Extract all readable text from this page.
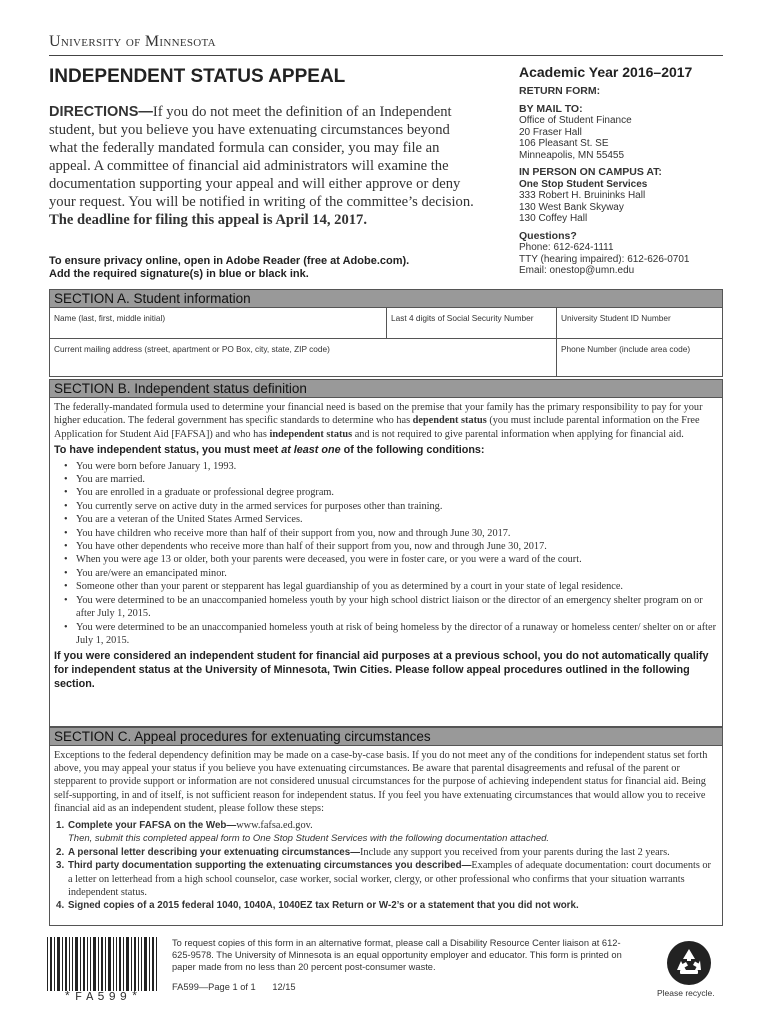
University of Minnesota
INDEPENDENT STATUS APPEAL	Academic Year 2016–2017
DIRECTIONS—If you do not meet the definition of an Independent student, but you believe you have extenuating circumstances beyond what the federally mandated formula can consider, you may file an appeal. A committee of financial aid administrators will examine the documentation supporting your appeal and will either approve or deny your request. You will be notified in writing of the committee’s decision. The deadline for filing this appeal is April 14, 2017.
To ensure privacy online, open in Adobe Reader (free at Adobe.com).
Add the required signature(s) in blue or black ink.
RETURN FORM:
BY MAIL TO:
Office of Student Finance
20 Fraser Hall
106 Pleasant St. SE
Minneapolis, MN 55455
IN PERSON ON CAMPUS AT:
One Stop Student Services
333 Robert H. Bruininks Hall
130 West Bank Skyway
130 Coffey Hall
Questions?
Phone: 612-624-1111
TTY (hearing impaired): 612-626-0701
Email: onestop@umn.edu
SECTION A. Student information
Name (last, first, middle initial)	Last 4 digits of Social Security Number	University Student ID Number
Current mailing address (street, apartment or PO Box, city, state, ZIP code)	Phone Number (include area code)
SECTION B. Independent status definition
The federally-mandated formula used to determine your financial need is based on the premise that your family has the primary responsibility to pay for your higher education. The federal government has specific standards to determine who has dependent status (you must include parental information on the Free Application for Student Aid [FAFSA]) and who has independent status and is not required to give parental information when applying for financial aid.
To have independent status, you must meet at least one of the following conditions:
• You were born before January 1, 1993.
• You are married.
• You are enrolled in a graduate or professional degree program.
• You currently serve on active duty in the armed services for purposes other than training.
• You are a veteran of the United States Armed Services.
• You have children who receive more than half of their support from you, now and through June 30, 2017.
• You have other dependents who receive more than half of their support from you, now and through June 30, 2017.
• When you were age 13 or older, both your parents were deceased, you were in foster care, or you were a ward of the court.
• You are/were an emancipated minor.
• Someone other than your parent or stepparent has legal guardianship of you as determined by a court in your state of legal residence.
• You were determined to be an unaccompanied homeless youth by your high school district liaison or the director of an emergency shelter program on or after July 1, 2015.
• You were determined to be an unaccompanied homeless youth at risk of being homeless by the director of a runaway or homeless center/ shelter on or after July 1, 2015.
If you were considered an independent student for financial aid purposes at a previous school, you do not automatically qualify for independent status at the University of Minnesota, Twin Cities. Please follow appeal procedures outlined in the following section.
SECTION C. Appeal procedures for extenuating circumstances
Exceptions to the federal dependency definition may be made on a case-by-case basis. If you do not meet any of the conditions for independent status set forth above, you may appeal your status if you believe you have extenuating circumstances. Be aware that parental disagreements and refusal of the parent or stepparent to provide support or information are not considered unusual circumstances for the purpose of achieving independent status for financial aid. Being self-supporting, in and of itself, is not sufficient reason for independent status. If you feel you have extenuating circumstances that would allow you to receive financial aid as an independent student, please follow these steps:
1. Complete your FAFSA on the Web—www.fafsa.ed.gov.
Then, submit this completed appeal form to One Stop Student Services with the following documentation attached.
2. A personal letter describing your extenuating circumstances—Include any support you received from your parents during the last 2 years.
3. Third party documentation supporting the extenuating circumstances you described—Examples of adequate documentation: court documents or a letter on letterhead from a high school counselor, case worker, social worker, clergy, or other professional who confirms that your situation warrants independent status.
4. Signed copies of a 2015 federal 1040, 1040A, 1040EZ tax Return or W-2’s or a statement that you did not work.
*FA599*
To request copies of this form in an alternative format, please call a Disability Resource Center liaison at 612-625-9578. The University of Minnesota is an equal opportunity employer and educator. This form is printed on paper made from no less than 20 percent post-consumer waste.
FA599—Page 1 of 1 12/15
Please recycle.
